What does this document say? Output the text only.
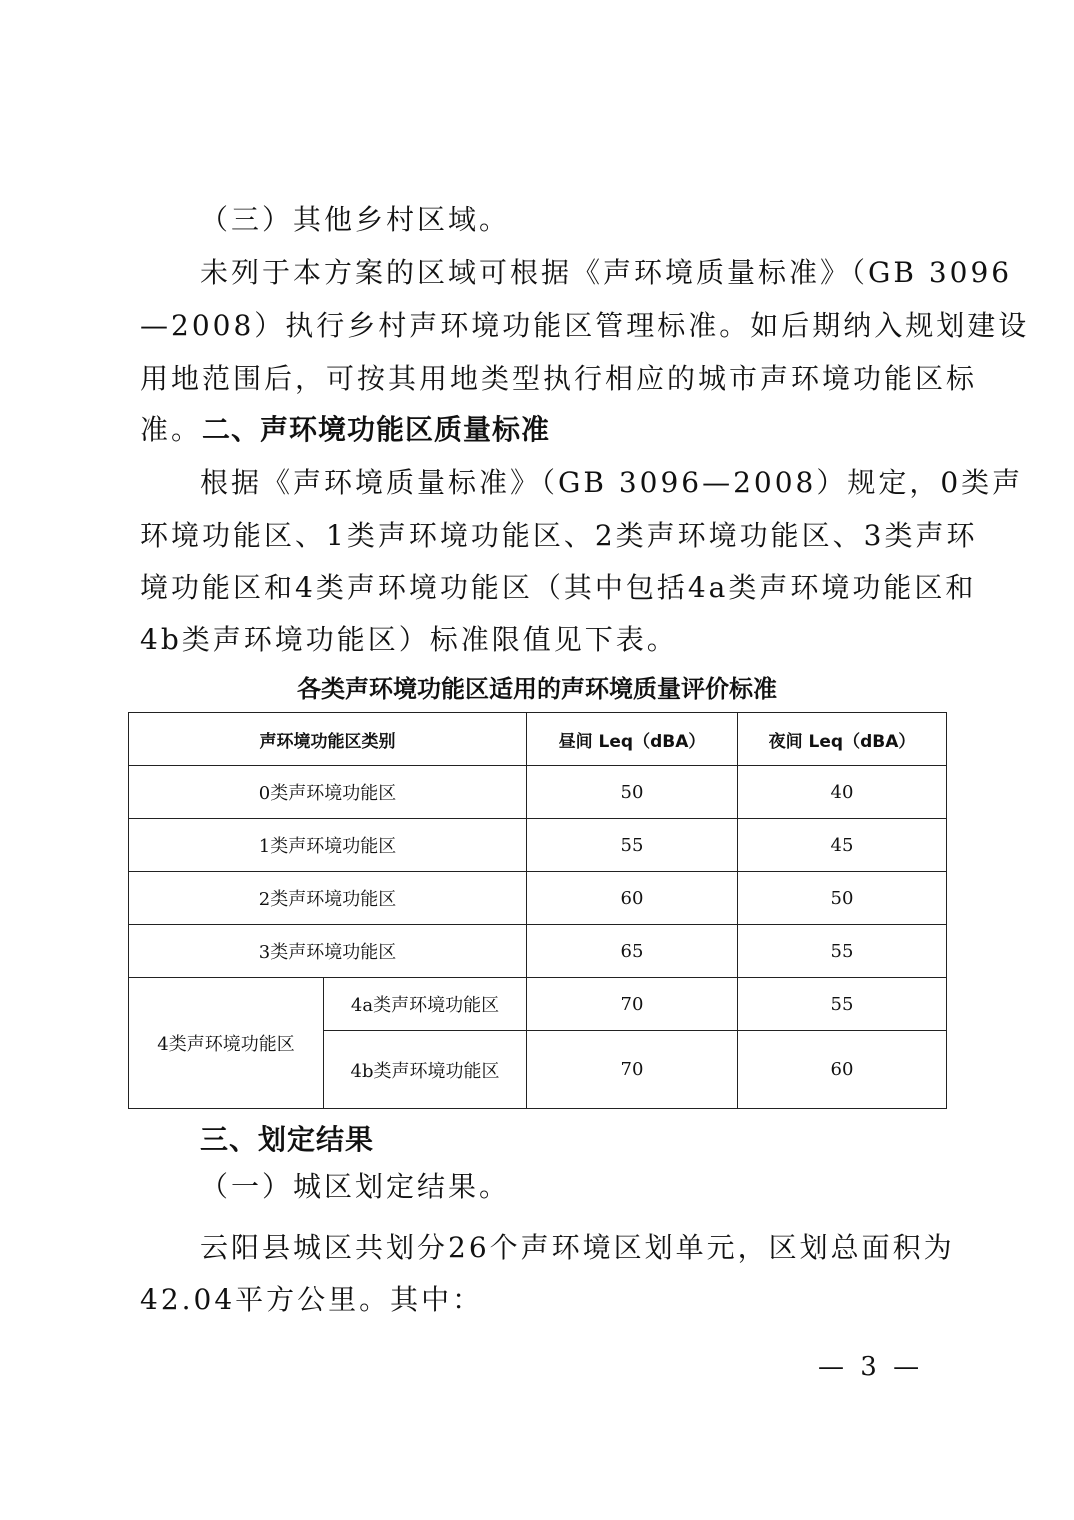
（三）其他乡村区域。
未列于本方案的区域可根据《声环境质量标准》（GB 3096
—2008）执行乡村声环境功能区管理标准。如后期纳入规划建设
用地范围后，可按其用地类型执行相应的城市声环境功能区标
准。二、声环境功能区质量标准
根据《声环境质量标准》（GB 3096—2008）规定，0类声
环境功能区、1类声环境功能区、2类声环境功能区、3类声环
境功能区和4类声环境功能区（其中包括4a类声环境功能区和
4b类声环境功能区）标准限值见下表。
各类声环境功能区适用的声环境质量评价标准
声环境功能区类别		昼间 Leq（dBA）	夜间 Leq（dBA）
0类声环境功能区		50	40
1类声环境功能区		55	45
2类声环境功能区		60	50
3类声环境功能区		65	55
4类声环境功能区	4a类声环境功能区	70	55
	4b类声环境功能区	70	60
三、划定结果
（一）城区划定结果。
云阳县城区共划分26个声环境区划单元，区划总面积为
42.04平方公里。其中：
— 3 —
